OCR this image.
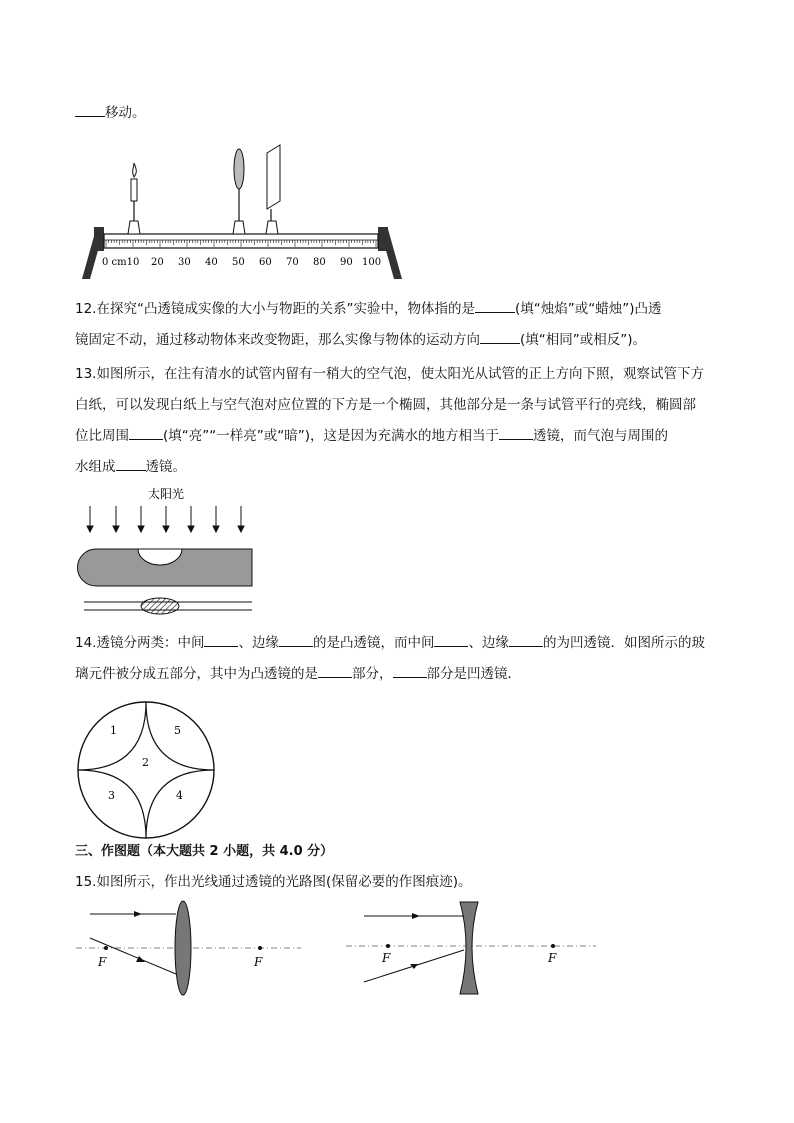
移动。
0 cm10 20 30 40 50 60 70 80 90 100
12.在探究“凸透镜成实像的大小与物距的关系”实验中，物体指的是	(填“烛焰”或“蜡烛”)凸透
镜固定不动，通过移动物体来改变物距，那么实像与物体的运动方向	(填“相同”或相反”)。
13.如图所示，在注有清水的试管内留有一稍大的空气泡，使太阳光从试管的正上方向下照，观察试管下方
白纸，可以发现白纸上与空气泡对应位置的下方是一个椭圆，其他部分是一条与试管平行的亮线，椭圆部
位比周围	(填“亮”“一样亮”或“暗”)，这是因为充满水的地方相当于	透镜，而气泡与周围的
水组成 透镜。
太阳光
14.透镜分两类：中间	、边缘	的是凸透镜，而中间	、边缘	的为凹透镜．如图所示的玻
璃元件被分成五部分，其中为凸透镜的是	部分，	部分是凹透镜．
1	5
2
3	4
三、作图题（本大题共 2 小题，共 4.0 分）
15.如图所示，作出光线通过透镜的光路图(保留必要的作图痕迹)。
F	F	F	F
